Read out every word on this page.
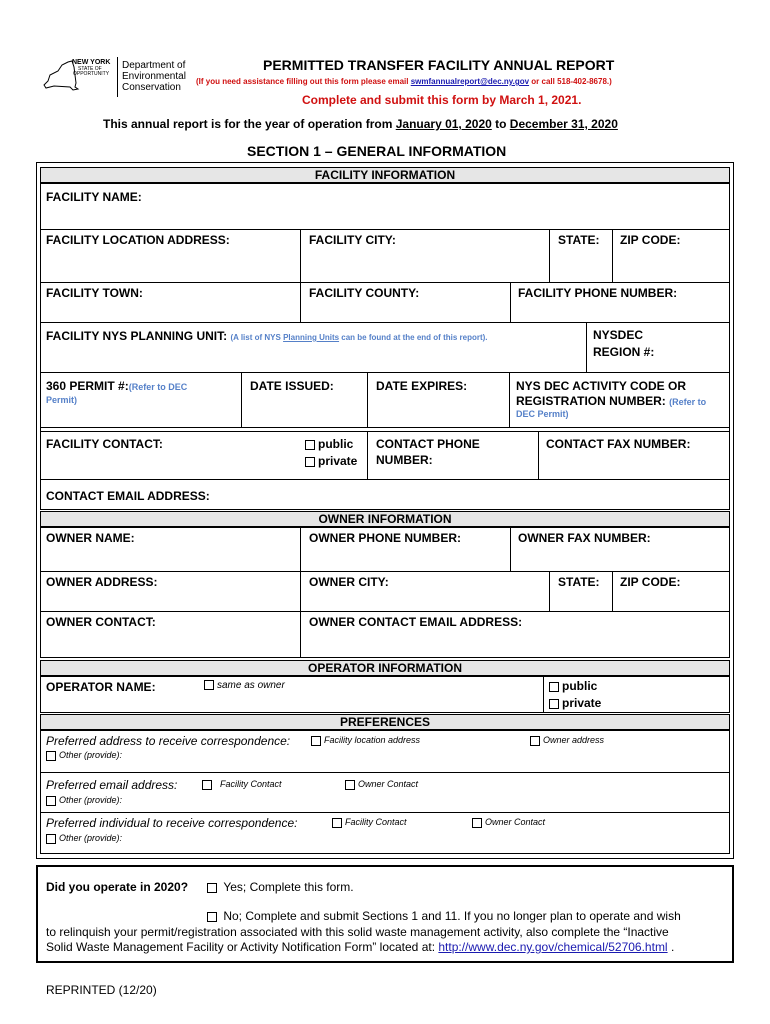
NEW YORK
STATE OF
OPPORTUNITY
Department of
Environmental
Conservation
PERMITTED TRANSFER FACILITY ANNUAL REPORT
(If you need assistance filling out this form please email swmfannualreport@dec.ny.gov or call 518-402-8678.)
Complete and submit this form by March 1, 2021.
This annual report is for the year of operation from January 01, 2020 to December 31, 2020
SECTION 1 – GENERAL INFORMATION
FACILITY INFORMATION
FACILITY NAME:
FACILITY LOCATION ADDRESS:	FACILITY CITY:	STATE: ZIP CODE:
FACILITY TOWN:	FACILITY COUNTY:	FACILITY PHONE NUMBER:
FACILITY NYS PLANNING UNIT: (A list of NYS Planning Units can be found at the end of this report).	NYSDEC
REGION #:
360 PERMIT #:(Refer to DEC
Permit)
DATE ISSUED:	DATE EXPIRES:	NYS DEC ACTIVITY CODE OR
REGISTRATION NUMBER: (Refer to
DEC Permit)
FACILITY CONTACT:	public
private
CONTACT PHONE
NUMBER:
CONTACT FAX NUMBER:
CONTACT EMAIL ADDRESS:
OWNER INFORMATION
OWNER NAME:	OWNER PHONE NUMBER:	OWNER FAX NUMBER:
OWNER ADDRESS:	OWNER CITY:	STATE: ZIP CODE:
OWNER CONTACT:	OWNER CONTACT EMAIL ADDRESS:
OPERATOR INFORMATION
OPERATOR NAME:	same as owner	public
private
PREFERENCES
Preferred address to receive correspondence:	Facility location address	Owner address
Other (provide):
Preferred email address:	Facility Contact	Owner Contact
Other (provide):
Preferred individual to receive correspondence:	Facility Contact	Owner Contact
Other (provide):
Did you operate in 2020?	Yes; Complete this form.
No; Complete and submit Sections 1 and 11. If you no longer plan to operate and wish
to relinquish your permit/registration associated with this solid waste management activity, also complete the “Inactive
Solid Waste Management Facility or Activity Notification Form” located at: http://www.dec.ny.gov/chemical/52706.html .
REPRINTED (12/20)
